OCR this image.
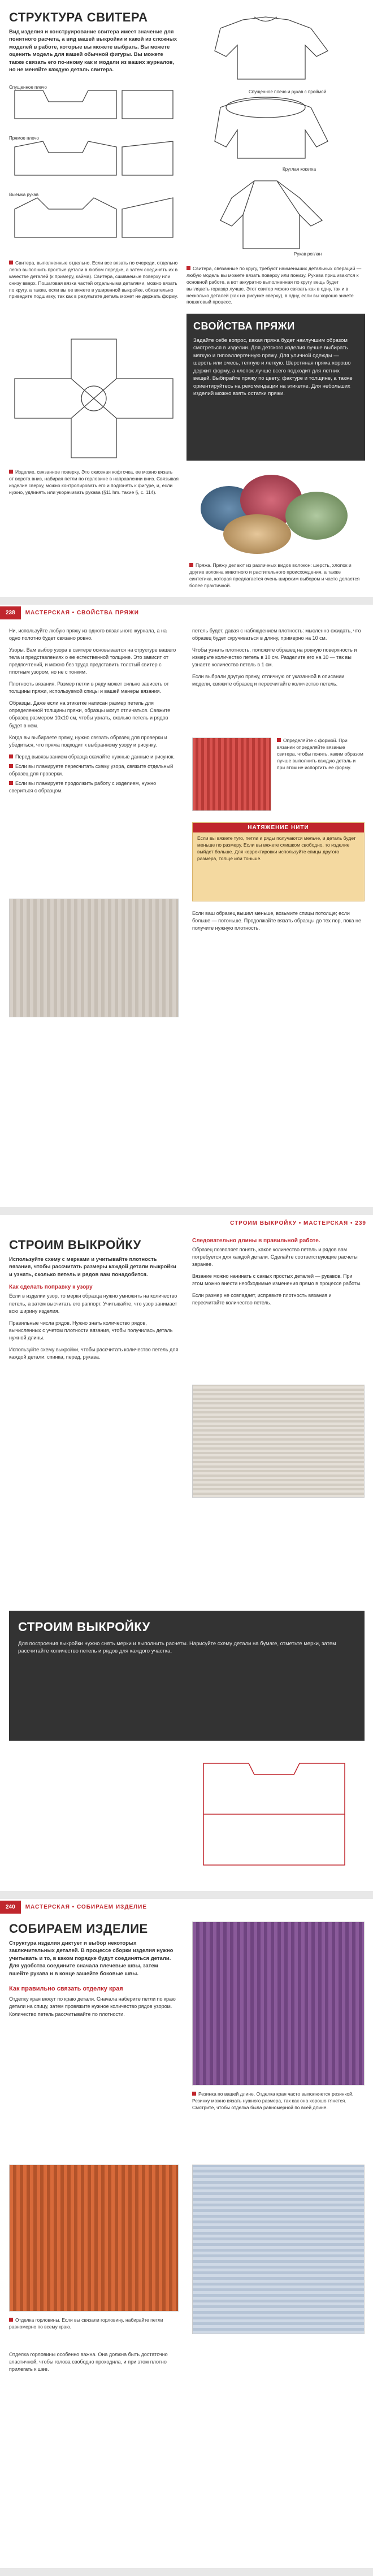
СТРУКТУРА СВИТЕРА
Вид изделия и конструирование свитера имеет значение для понятного расчета, а вид вашей выкройки и какой из сложных моделей в работе, которые вы можете выбрать. Вы можете оценить модель для вашей обычной фигуры. Вы можете также связать его по-иному как и модели из ваших журналов, но не меняйте каждую деталь свитера.
Спущенное плечо и рукав с проймой
Круглая кокетка
Рукав реглан
Спущенное плечо
Прямое плечо
Выемка рукав
Свитера, выполненные отдельно. Если все вязать по очереди, отдельно легко выполнить простые детали в любом порядке, а затем соединять их в качестве деталей (к примеру, кайма). Свитера, сшиваемые поверху или снизу вверх. Пошаговая вязка частей отдельными деталями, можно вязать по кругу, а также, если вы ее вяжете в уширенной выкройке, обязательно приведите подшивку, так как в результате деталь может не держать форму.
Свитера, связанные по кругу, требуют наименьших детальных операций — любую модель вы можете вязать поверху или понизу. Рукава пришиваются к основной работе, а вот аккуратно выполненная по кругу вещь будет выглядеть гораздо лучше. Этот свитер можно связать как в одну, так и в несколько деталей (как на рисунке сверху), в одну, если вы хорошо знаете пошаговый процесс.
Изделие, связанное поверху. Это сквозная кофточка, ее можно вязать от ворота вниз, набирая петли по горловине в направлении вниз. Связывая изделие сверху, можно контролировать его и подгонять к фигуре, и, если нужно, удлинять или укорачивать рукава (§11 hm. такие §, с. 114).
СВОЙСТВА ПРЯЖИ
Задайте себе вопрос, какая пряжа будет наилучшим образом смотреться в изделии. Для детского изделия лучше выбирать мягкую и гипоаллергенную пряжу. Для уличной одежды — шерсть или смесь, теплую и легкую. Шерстяная пряжа хорошо держит форму, а хлопок лучше всего подходит для летних вещей. Выбирайте пряжу по цвету, фактуре и толщине, а также ориентируйтесь на рекомендации на этикетке. Для небольших изделий можно взять остатки пряжи.
Пряжа. Пряжу делают из различных видов волокон: шерсть, хлопок и другие волокна животного и растительного происхождения, а также синтетика, которая предлагается очень широким выбором и часто делается более практичной.
238	МАСТЕРСКАЯ • СВОЙСТВА ПРЯЖИ

Ни, используйте любую пряжу из одного вязального журнала, а на одно полотно будет связано ровно.

Узоры. Вам выбор узора в свитере основывается на структуре вашего тела и представлениях о ее естественной толщине. Это зависит от предпочтений, и можно без труда представить толстый свитер с плотным узором, но не с тонким.

Плотность вязания. Размер петли в ряду может сильно зависеть от толщины пряжи, используемой спицы и вашей манеры вязания.

Образцы. Даже если на этикетке написан размер петель для определенной толщины пряжи, образцы могут отличаться. Свяжите образец размером 10х10 см, чтобы узнать, сколько петель и рядов будет в нем.

Когда вы выбираете пряжу, нужно связать образец для проверки и убедиться, что пряжа подходит к выбранному узору и рисунку.

Перед вывязыванием образца скачайте нужные данные и рисунок.
Если вы планируете пересчитать схему узора, свяжите отдельный образец для проверки.
Если вы планируете продолжить работу с изделием, нужно свериться с образцом.

петель будет, давая с наблюдением плотность: мысленно ожидать, что образец будет скручиваться в длину, примерно на 10 см.

Чтобы узнать плотность, положите образец на ровную поверхность и измерьте количество петель в 10 см. Разделите его на 10 — так вы узнаете количество петель в 1 см.

Если выбрали другую пряжу, отличную от указанной в описании модели, свяжите образец и пересчитайте количество петель.

Определяйте с формой. При вязании определяйте вязаные свитера, чтобы понять, каким образом лучше выполнить каждую деталь и при этом не испортить ее форму.
НАТЯЖЕНИЕ НИТИ
Если вы вяжете туго, петли и ряды получаются мельче, и деталь будет меньше по размеру. Если вы вяжете слишком свободно, то изделие выйдет больше. Для корректировки используйте спицы другого размера, толще или тоньше.

Если ваш образец вышел меньше, возьмите спицы потолще; если больше — потоньше. Продолжайте вязать образцы до тех пор, пока не получите нужную плотность.

СТРОИМ ВЫКРОЙКУ • МАСТЕРСКАЯ • 239
СТРОИМ ВЫКРОЙКУ
Используйте схему с мерками и учитывайте плотность вязания, чтобы рассчитать размеры каждой детали выкройки и узнать, сколько петель и рядов вам понадобится.
Как сделать поправку к узору
Если в изделии узор, то мерки образца нужно умножить на количество петель, а затем высчитать его раппорт. Учитывайте, что узор занимает всю ширину изделия.
Правильные числа рядов. Нужно знать количество рядов, вычисленных с учетом плотности вязания, чтобы получилась деталь нужной длины.
Используйте схему выкройки, чтобы рассчитать количество петель для каждой детали: спинка, перед, рукава.
Следовательно длины в правильной работе.
Образец позволяет понять, какое количество петель и рядов вам потребуется для каждой детали. Сделайте соответствующие расчеты заранее.
Вязание можно начинать с самых простых деталей — рукавов. При этом можно внести необходимые изменения прямо в процессе работы.
Если размер не совпадает, исправьте плотность вязания и пересчитайте количество петель.
СТРОИМ ВЫКРОЙКУ
Для построения выкройки нужно снять мерки и выполнить расчеты. Нарисуйте схему детали на бумаге, отметьте мерки, затем рассчитайте количество петель и рядов для каждого участка.
240	МАСТЕРСКАЯ • СОБИРАЕМ ИЗДЕЛИЕ
СОБИРАЕМ ИЗДЕЛИЕ
Структура изделия диктует и выбор некоторых заключительных деталей. В процессе сборки изделия нужно учитывать и то, в каком порядке будут соединяться детали. Для удобства соедините сначала плечевые швы, затем вшейте рукава и в конце зашейте боковые швы.
Как правильно связать отделку края
Отделку края вяжут по краю детали. Сначала наберите петли по краю детали на спицу, затем провяжите нужное количество рядов узором. Количество петель рассчитывайте по плотности.
Резинка по вашей длине. Отделка края часто выполняется резинкой. Резинку можно вязать нужного размера, так как она хорошо тянется. Смотрите, чтобы отделка была равномерной по всей длине.
Отделка горловины. Если вы связали горловину, набирайте петли равномерно по всему краю.
Отделка горловины особенно важна. Она должна быть достаточно эластичной, чтобы голова свободно проходила, и при этом плотно прилегать к шее.
